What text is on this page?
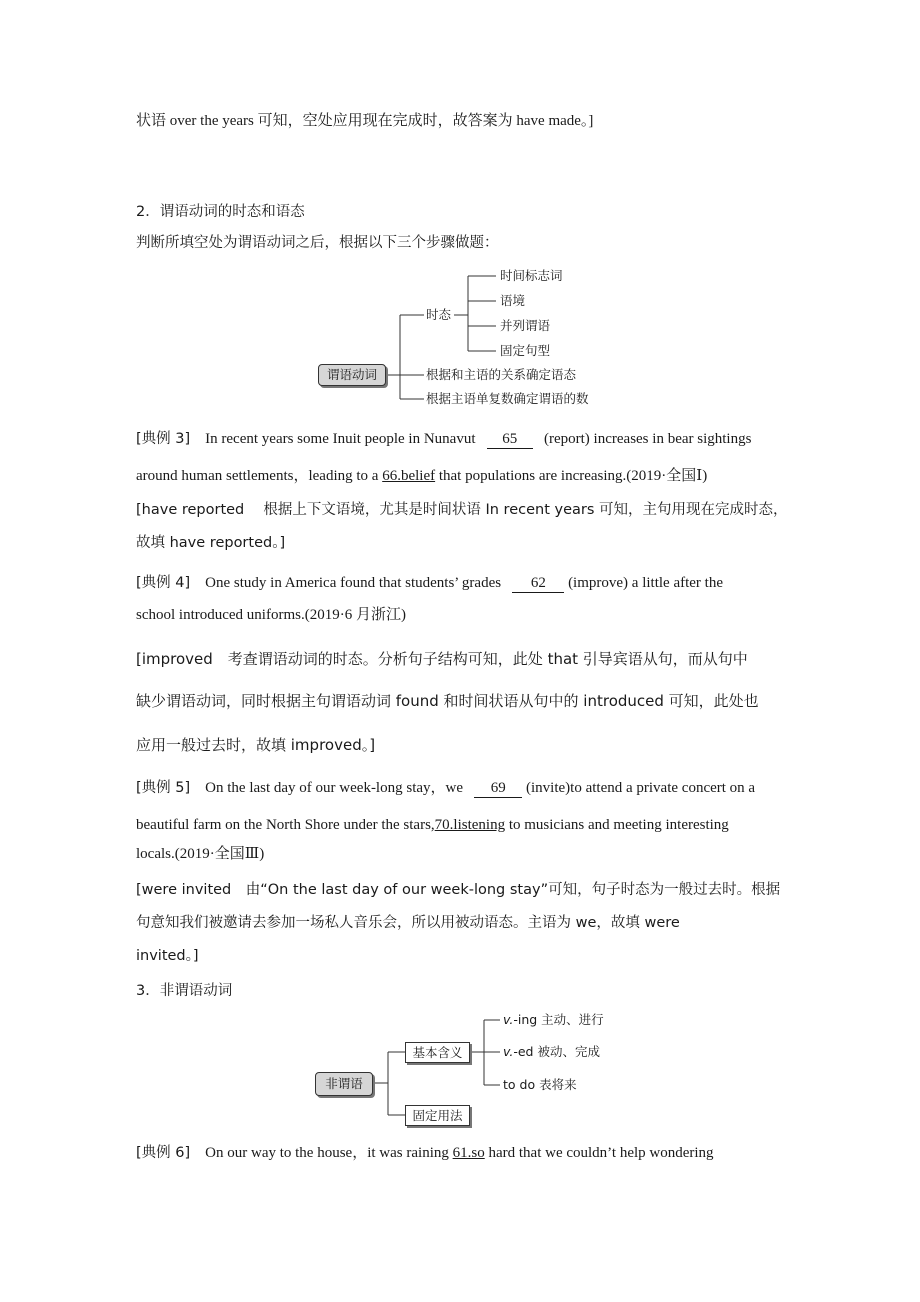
状语 over the years 可知，空处应用现在完成时，故答案为 have made。]
2．谓语动词的时态和语态
判断所填空处为谓语动词之后，根据以下三个步骤做题：
谓语动词
时态
时间标志词
语境
并列谓语
固定句型
根据和主语的关系确定语态
根据主语单复数确定谓语的数
[典例 3] In recent years some Inuit people in Nunavut 65 (report) increases in bear sightings
around human settlements，leading to a 66.belief that populations are increasing.(2019·全国Ⅰ)
[have reported　 根据上下文语境，尤其是时间状语 In recent years 可知，主句用现在完成时态，
故填 have reported。]
[典例 4] One study in America found that students’ grades 62 (improve) a little after the
school introduced uniforms.(2019·6 月浙江)
[improved　考查谓语动词的时态。分析句子结构可知，此处 that 引导宾语从句，而从句中
缺少谓语动词，同时根据主句谓语动词 found 和时间状语从句中的 introduced 可知，此处也
应用一般过去时，故填 improved。]
[典例 5] On the last day of our week-long stay，we 69 (invite)to attend a private concert on a
beautiful farm on the North Shore under the stars,70.listening to musicians and meeting interesting
locals.(2019·全国Ⅲ)
[were invited　由“On the last day of our week-long stay”可知，句子时态为一般过去时。根据
句意知我们被邀请去参加一场私人音乐会，所以用被动语态。主语为 we，故填 were
invited。]
3．非谓语动词
非谓语
基本含义
固定用法
v.-ing 主动、进行
v.-ed 被动、完成
to do 表将来
[典例 6] On our way to the house，it was raining 61.so hard that we couldn’t help wondering
